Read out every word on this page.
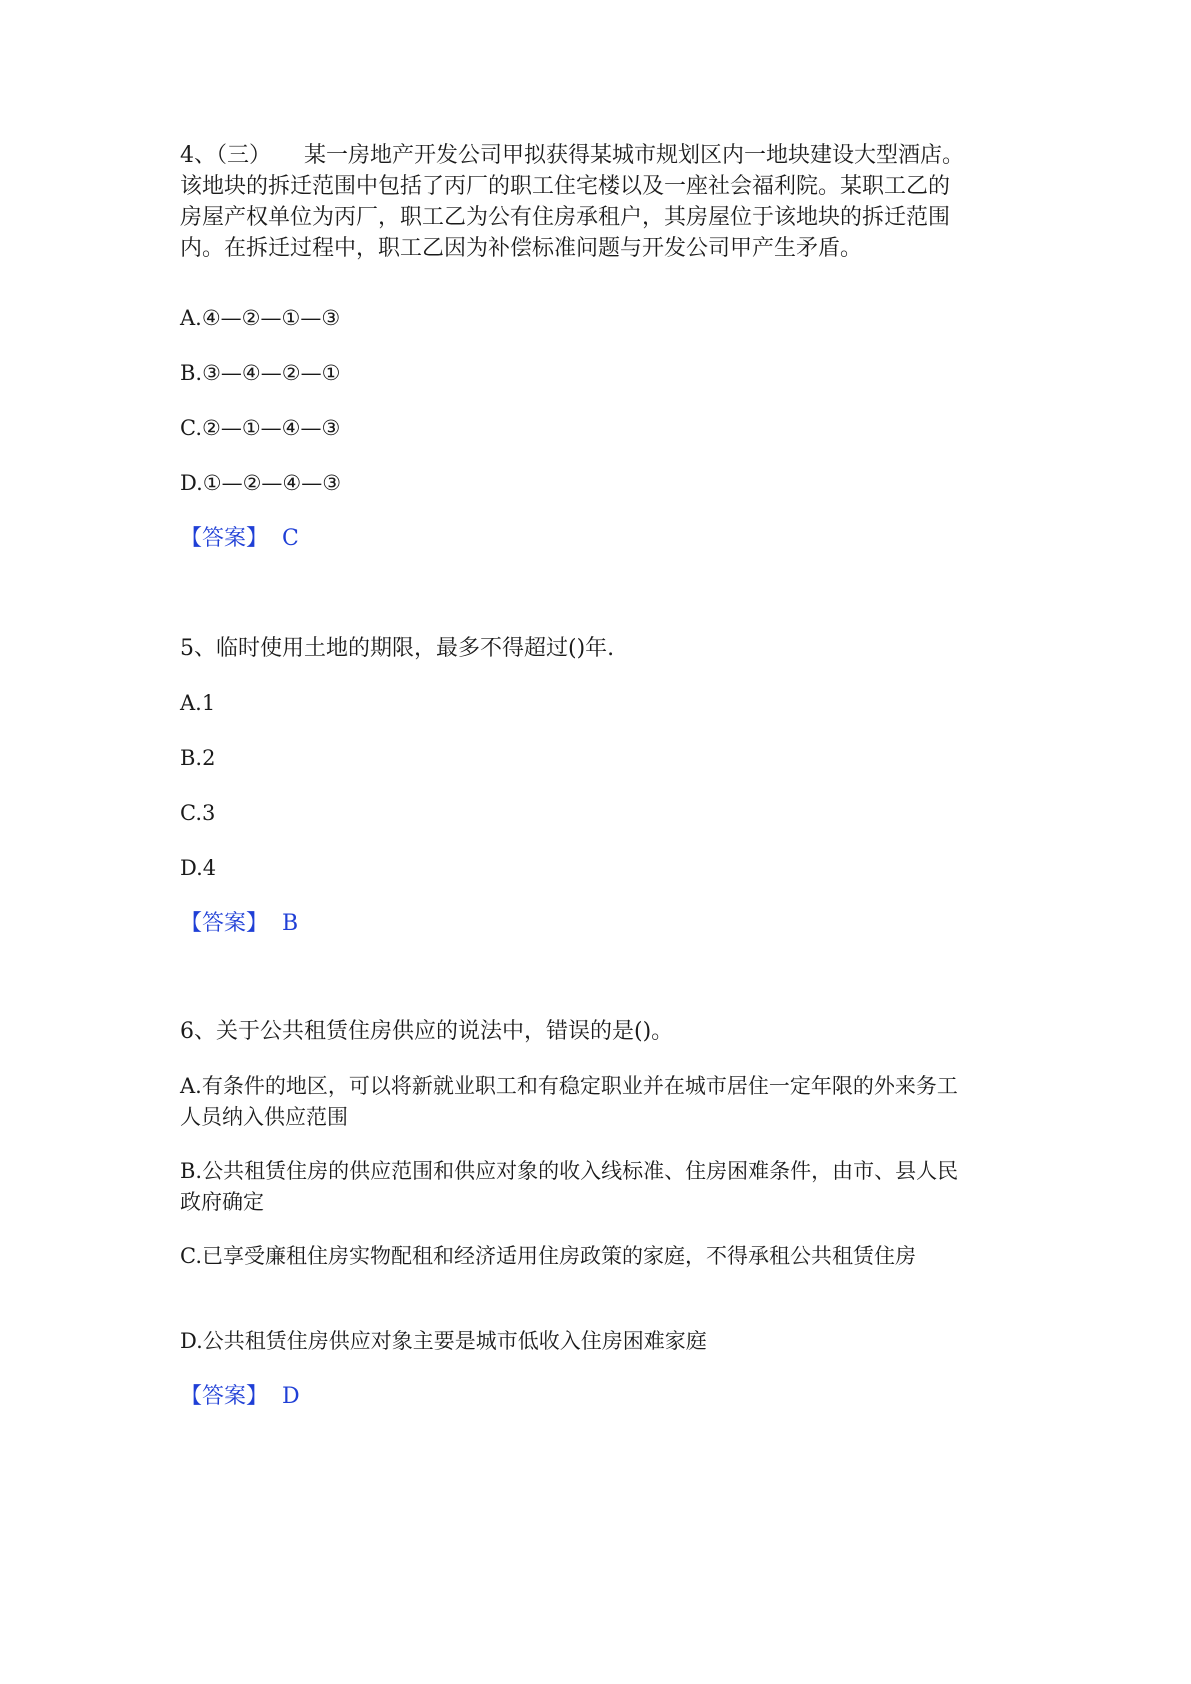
4、（三）　　某一房地产开发公司甲拟获得某城市规划区内一地块建设大型酒店。该地块的拆迁范围中包括了丙厂的职工住宅楼以及一座社会福利院。某职工乙的房屋产权单位为丙厂，职工乙为公有住房承租户，其房屋位于该地块的拆迁范围内。在拆迁过程中，职工乙因为补偿标准问题与开发公司甲产生矛盾。

A.④—②—①—③

B.③—④—②—①

C.②—①—④—③

D.①—②—④—③

【答案】 C

5、临时使用土地的期限，最多不得超过()年.

A.1

B.2

C.3

D.4

【答案】 B

6、关于公共租赁住房供应的说法中，错误的是()。

A.有条件的地区，可以将新就业职工和有稳定职业并在城市居住一定年限的外来务工人员纳入供应范围

B.公共租赁住房的供应范围和供应对象的收入线标准、住房困难条件，由市、县人民政府确定

C.已享受廉租住房实物配租和经济适用住房政策的家庭，不得承租公共租赁住房

D.公共租赁住房供应对象主要是城市低收入住房困难家庭

【答案】 D
